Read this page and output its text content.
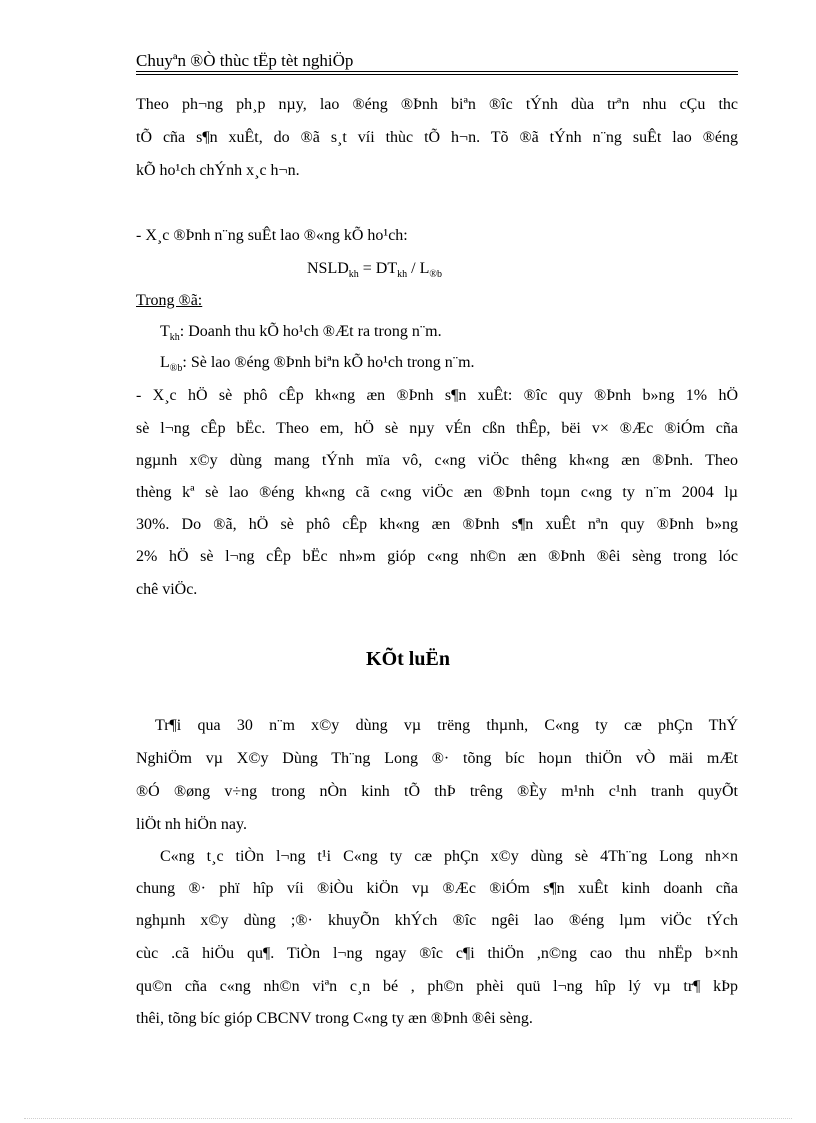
Chuyªn ®Ò thùc tËp tèt nghiÖp
Theo ph¬ng ph¸p nµy, lao ®éng ®Þnh biªn ®îc tÝnh dùa trªn nhu cÇu thc
tÕ cña s¶n xuÊt, do ®ã s¸t víi thùc tÕ h¬n. Tõ ®ã tÝnh n¨ng suÊt lao ®éng
kÕ ho¹ch chÝnh x¸c h¬n.
- X¸c ®Þnh n¨ng suÊt lao ®«ng kÕ ho¹ch:
$NSLD_{kh} = DT_{kh} / L_{®b}$
Trong ®ã:
$T_{kh}$: Doanh thu kÕ ho¹ch ®Æt ra trong n¨m.
$L_{®b}$: Sè lao ®éng ®Þnh biªn kÕ ho¹ch trong n¨m.
- X¸c hÖ sè phô cÊp kh«ng æn ®Þnh s¶n xuÊt: ®îc quy ®Þnh b»ng 1% hÖ
sè l¬ng cÊp bËc. Theo em, hÖ sè nµy vÉn cßn thÊp, bëi v× ®Æc ®iÓm cña
ngµnh x©y dùng mang tÝnh mïa vô, c«ng viÖc thêng kh«ng æn ®Þnh. Theo
thèng kª sè lao ®éng kh«ng cã c«ng viÖc æn ®Þnh toµn c«ng ty n¨m 2004 lµ
30%. Do ®ã, hÖ sè phô cÊp kh«ng æn ®Þnh s¶n xuÊt nªn quy ®Þnh b»ng
2% hÖ sè l¬ng cÊp bËc nh»m gióp c«ng nh©n æn ®Þnh ®êi sèng trong lóc
chê viÖc.
KÕt luËn
Tr¶i qua 30 n¨m x©y dùng vµ trëng thµnh, C«ng ty cæ phÇn ThÝ
NghiÖm vµ X©y Dùng Th¨ng Long ®· tõng bíc hoµn thiÖn vÒ mäi mÆt
®Ó ®øng v÷ng trong nÒn kinh tÕ thÞ trêng ®Èy m¹nh c¹nh tranh quyÕt
liÖt nh hiÖn nay.
C«ng t¸c tiÒn l¬ng t¹i C«ng ty cæ phÇn x©y dùng sè 4Th¨ng Long nh×n
chung ®· phï hîp víi ®iÒu kiÖn vµ ®Æc ®iÓm s¶n xuÊt kinh doanh cña
nghµnh x©y dùng ;®· khuyÕn khÝch ®îc ngêi lao ®éng lµm viÖc tÝch
cùc .cã hiÖu qu¶. TiÒn l¬ng ngay ®îc c¶i thiÖn ,n©ng cao thu nhËp b×nh
qu©n cña c«ng nh©n viªn c¸n bé , ph©n phèi quü l¬ng hîp lý vµ tr¶ kÞp
thêi, tõng bíc gióp CBCNV trong C«ng ty æn ®Þnh ®êi sèng.
